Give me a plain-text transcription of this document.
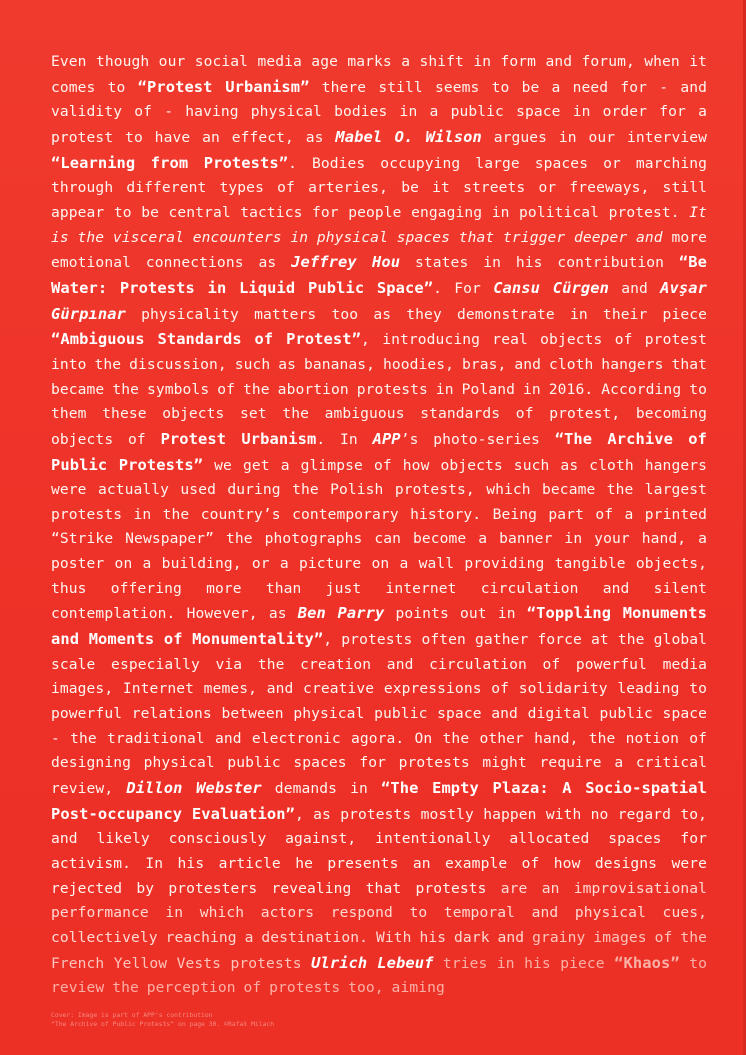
Even though our social media age marks a shift in form and forum, when it comes to “Protest Urbanism” there still seems to be a need for - and validity of - having physical bodies in a public space in order for a protest to have an effect, as Mabel O. Wilson argues in our interview “Learning from Protests”. Bodies occupying large spaces or marching through different types of arteries, be it streets or freeways, still appear to be central tactics for people engaging in political protest. It is the visceral encounters in physical spaces that trigger deeper and more emotional connections as Jeffrey Hou states in his contribution “Be Water: Protests in Liquid Public Space”. For Cansu Cürgen and Avşar Gürpınar physicality matters too as they demonstrate in their piece “Ambiguous Standards of Protest”, introducing real objects of protest into the discussion, such as bananas, hoodies, bras, and cloth hangers that became the symbols of the abortion protests in Poland in 2016. According to them these objects set the ambiguous standards of protest, becoming objects of Protest Urbanism. In APP’s photo-series “The Archive of Public Protests” we get a glimpse of how objects such as cloth hangers were actually used during the Polish protests, which became the largest protests in the country’s contemporary history. Being part of a printed “Strike Newspaper” the photographs can become a banner in your hand, a poster on a building, or a picture on a wall providing tangible objects, thus offering more than just internet circulation and silent contemplation. However, as Ben Parry points out in “Toppling Monuments and Moments of Monumentality”, protests often gather force at the global scale especially via the creation and circulation of powerful media images, Internet memes, and creative expressions of solidarity leading to powerful relations between physical public space and digital public space - the traditional and electronic agora. On the other hand, the notion of designing physical public spaces for protests might require a critical review, Dillon Webster demands in “The Empty Plaza: A Socio-spatial Post-occupancy Evaluation”, as protests mostly happen with no regard to, and likely consciously against, intentionally allocated spaces for activism. In his article he presents an example of how designs were rejected by protesters revealing that protests are an improvisational performance in which actors respond to temporal and physical cues, collectively reaching a destination. With his dark and grainy images of the French Yellow Vests protests Ulrich Lebeuf tries in his piece “Khaos” to review the perception of protests too, aiming

Cover: Image is part of APP’s contribution
“The Archive of Public Protests” on page 30. ©Rafał Milach
